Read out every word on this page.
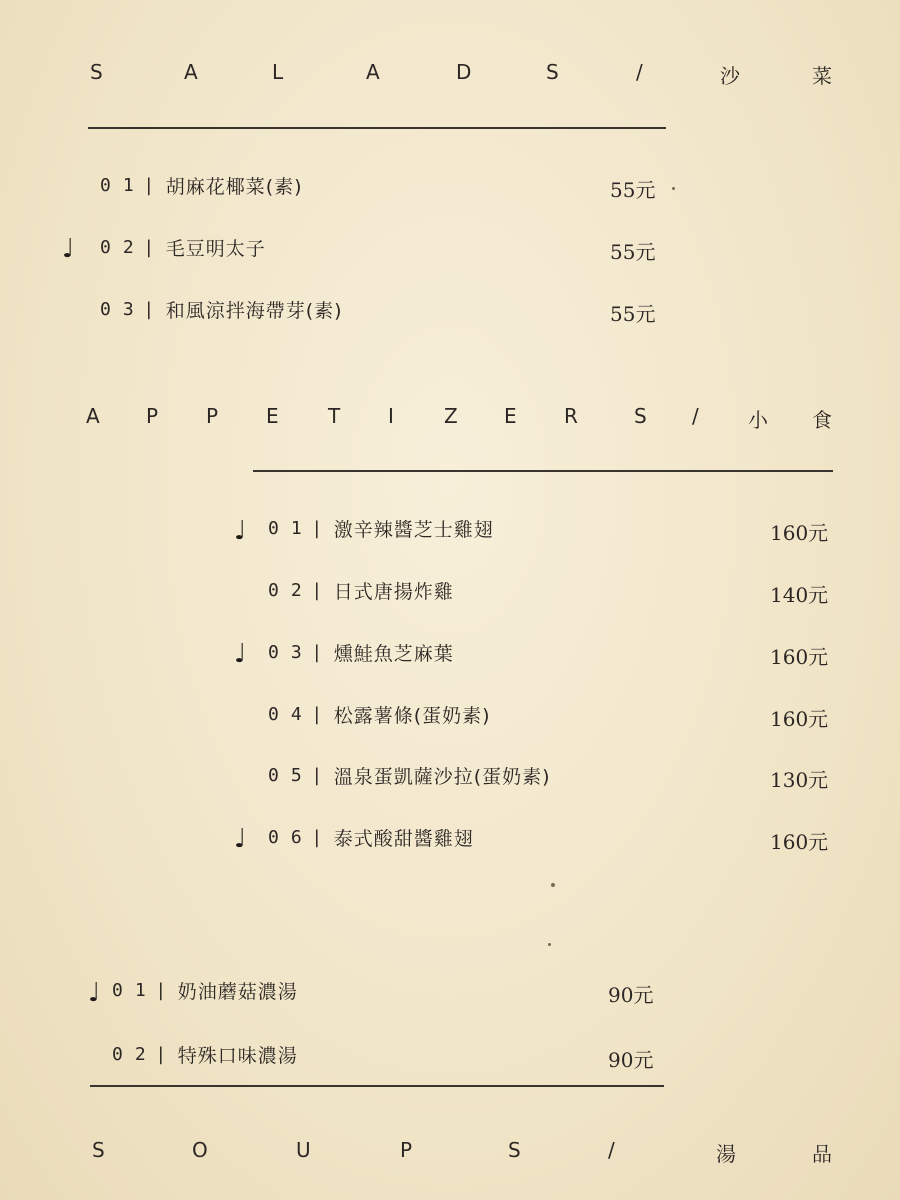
S	A	L	A	D	S	/	沙	菜
01 | 胡麻花椰菜(素)	55元
♩ 02 | 毛豆明太子	55元
03 | 和風涼拌海帶芽(素)	55元
A P P E T I	Z E R	S / 小 食
♩ 01 | 激辛辣醬芝士雞翅	160元
02 | 日式唐揚炸雞	140元
♩ 03 | 燻鮭魚芝麻葉	160元
04 | 松露薯條(蛋奶素)	160元
05 | 溫泉蛋凱薩沙拉(蛋奶素)	130元
♩ 06 | 泰式酸甜醬雞翅	160元
♩ 01 | 奶油蘑菇濃湯	90元
02 | 特殊口味濃湯	90元
S	O	U	P	S	/	湯	品
